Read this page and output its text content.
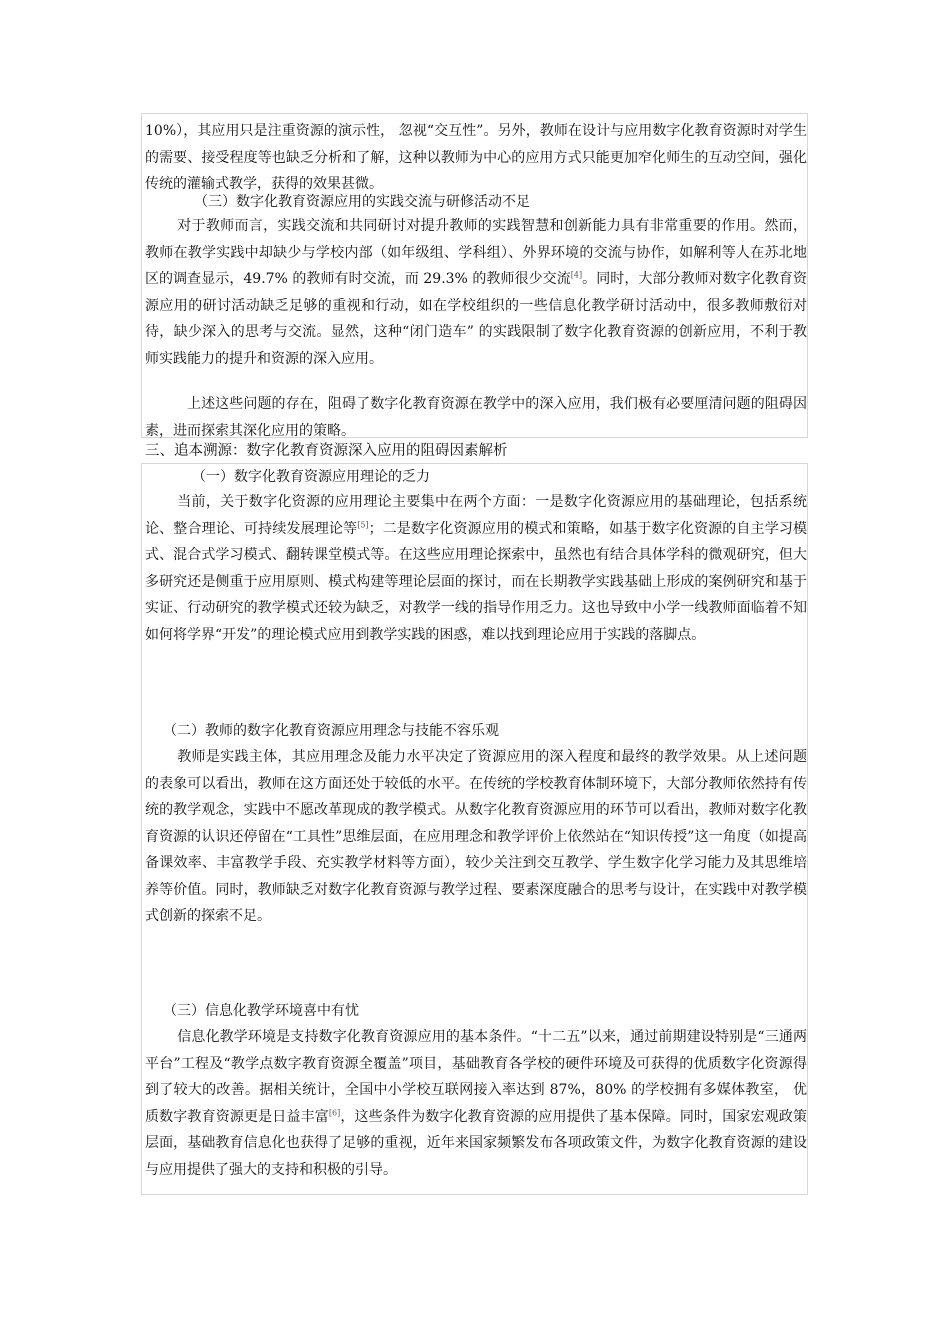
10%），其应用只是注重资源的演示性， 忽视“交互性”。另外，教师在设计与应用数字化教育资源时对学生的需要、接受程度等也缺乏分析和了解，这种以教师为中心的应用方式只能更加窄化师生的互动空间，强化传统的灌输式教学，获得的效果甚微。

（三）数字化教育资源应用的实践交流与研修活动不足

对于教师而言，实践交流和共同研讨对提升教师的实践智慧和创新能力具有非常重要的作用。然而， 教师在教学实践中却缺少与学校内部（如年级组、学科组）、外界环境的交流与协作，如解利等人在苏北地区的调查显示，49.7% 的教师有时交流，而 29.3% 的教师很少交流[4]。同时，大部分教师对数字化教育资源应用的研讨活动缺乏足够的重视和行动，如在学校组织的一些信息化教学研讨活动中，很多教师敷衍对待，缺少深入的思考与交流。显然，这种“闭门造车” 的实践限制了数字化教育资源的创新应用，不利于教师实践能力的提升和资源的深入应用。

上述这些问题的存在，阻碍了数字化教育资源在教学中的深入应用，我们极有必要厘清问题的阻碍因素，进而探索其深化应用的策略。

三、追本溯源：数字化教育资源深入应用的阻碍因素解析

（一）数字化教育资源应用理论的乏力

当前，关于数字化资源的应用理论主要集中在两个方面：一是数字化资源应用的基础理论，包括系统论、整合理论、可持续发展理论等[5]；二是数字化资源应用的模式和策略，如基于数字化资源的自主学习模式、混合式学习模式、翻转课堂模式等。在这些应用理论探索中，虽然也有结合具体学科的微观研究，但大多研究还是侧重于应用原则、模式构建等理论层面的探讨，而在长期教学实践基础上形成的案例研究和基于实证、行动研究的教学模式还较为缺乏，对教学一线的指导作用乏力。这也导致中小学一线教师面临着不知如何将学界“开发”的理论模式应用到教学实践的困惑，难以找到理论应用于实践的落脚点。

（二）教师的数字化教育资源应用理念与技能不容乐观

教师是实践主体，其应用理念及能力水平决定了资源应用的深入程度和最终的教学效果。从上述问题的表象可以看出，教师在这方面还处于较低的水平。在传统的学校教育体制环境下，大部分教师依然持有传统的教学观念，实践中不愿改革现成的教学模式。从数字化教育资源应用的环节可以看出，教师对数字化教育资源的认识还停留在“工具性”思维层面，在应用理念和教学评价上依然站在“知识传授”这一角度（如提高备课效率、丰富教学手段、充实教学材料等方面），较少关注到交互教学、学生数字化学习能力及其思维培养等价值。同时，教师缺乏对数字化教育资源与教学过程、要素深度融合的思考与设计，在实践中对教学模式创新的探索不足。

（三）信息化教学环境喜中有忧

信息化教学环境是支持数字化教育资源应用的基本条件。“十二五”以来，通过前期建设特别是“三通两平台”工程及“教学点数字教育资源全覆盖”项目，基础教育各学校的硬件环境及可获得的优质数字化资源得到了较大的改善。据相关统计，全国中小学校互联网接入率达到 87%，80% 的学校拥有多媒体教室， 优质数字教育资源更是日益丰富[6]，这些条件为数字化教育资源的应用提供了基本保障。同时，国家宏观政策层面，基础教育信息化也获得了足够的重视，近年来国家频繁发布各项政策文件，为数字化教育资源的建设与应用提供了强大的支持和积极的引导。
